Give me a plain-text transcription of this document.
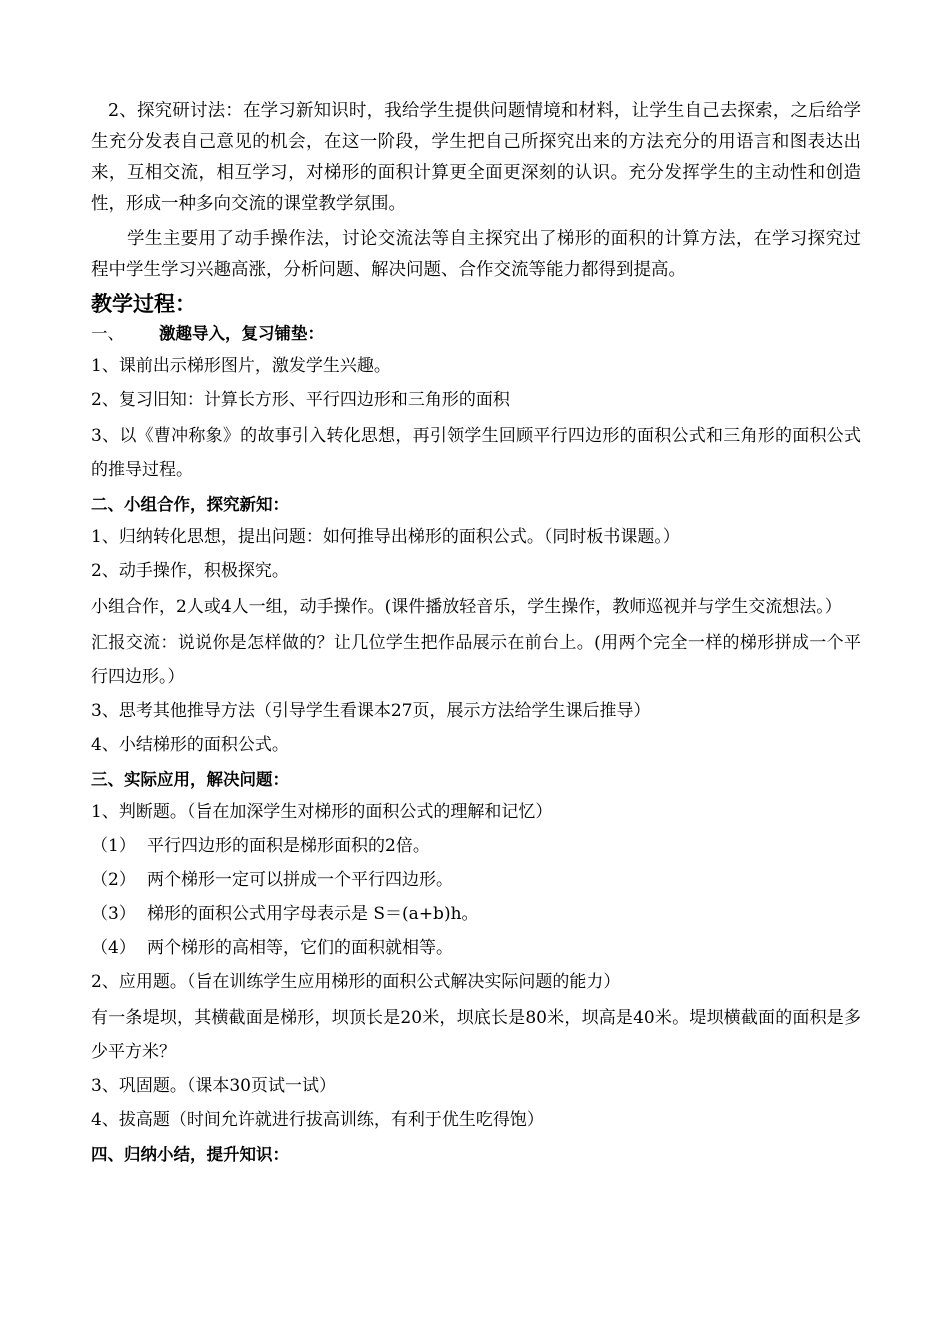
2、探究研讨法：在学习新知识时，我给学生提供问题情境和材料，让学生自己去探索，之后给学生充分发表自己意见的机会，在这一阶段，学生把自己所探究出来的方法充分的用语言和图表达出来，互相交流，相互学习，对梯形的面积计算更全面更深刻的认识。充分发挥学生的主动性和创造性，形成一种多向交流的课堂教学氛围。

学生主要用了动手操作法，讨论交流法等自主探究出了梯形的面积的计算方法，在学习探究过程中学生学习兴趣高涨，分析问题、解决问题、合作交流等能力都得到提高。

教学过程：
一、 激趣导入，复习铺垫：
1、课前出示梯形图片，激发学生兴趣。
2、复习旧知：计算长方形、平行四边形和三角形的面积
3、以《曹冲称象》的故事引入转化思想，再引领学生回顾平行四边形的面积公式和三角形的面积公式的推导过程。
二、小组合作，探究新知：
1、归纳转化思想，提出问题：如何推导出梯形的面积公式。（同时板书课题。）
2、动手操作，积极探究。
小组合作，2人或4人一组，动手操作。(课件播放轻音乐，学生操作，教师巡视并与学生交流想法。）
汇报交流：说说你是怎样做的？让几位学生把作品展示在前台上。(用两个完全一样的梯形拼成一个平行四边形。）
3、思考其他推导方法（引导学生看课本27页，展示方法给学生课后推导）
4、小结梯形的面积公式。
三、实际应用，解决问题：
1、判断题。（旨在加深学生对梯形的面积公式的理解和记忆）
（1） 平行四边形的面积是梯形面积的2倍。
（2） 两个梯形一定可以拼成一个平行四边形。
（3） 梯形的面积公式用字母表示是 S＝(a+b)h。
（4） 两个梯形的高相等，它们的面积就相等。
2、应用题。（旨在训练学生应用梯形的面积公式解决实际问题的能力）
有一条堤坝，其横截面是梯形，坝顶长是20米，坝底长是80米，坝高是40米。堤坝横截面的面积是多少平方米？
3、巩固题。（课本30页试一试）
4、拔高题（时间允许就进行拔高训练，有利于优生吃得饱）
四、归纳小结，提升知识：
